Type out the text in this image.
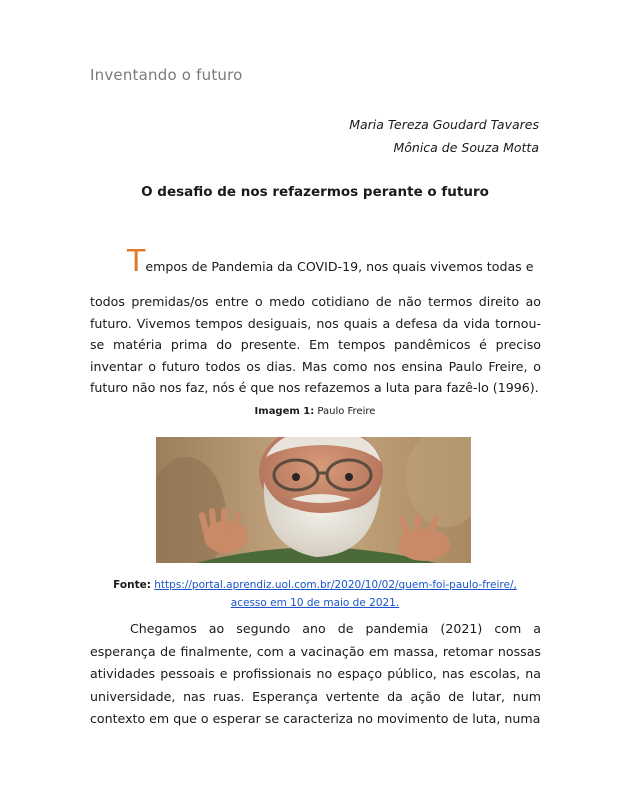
Inventando o futuro
Maria Tereza Goudard Tavares
Mônica de Souza Motta
O desafio de nos refazermos perante o futuro
Tempos de Pandemia da COVID-19, nos quais vivemos todas e
todos premidas/os entre o medo cotidiano de não termos direito ao futuro. Vivemos tempos desiguais, nos quais a defesa da vida tornou-se matéria prima do presente. Em tempos pandêmicos é preciso inventar o futuro todos os dias. Mas como nos ensina Paulo Freire, o futuro não nos faz, nós é que nos refazemos a luta para fazê-lo (1996).
Imagem 1: Paulo Freire
Fonte: https://portal.aprendiz.uol.com.br/2020/10/02/quem-foi-paulo-freire/,
acesso em 10 de maio de 2021.
Chegamos ao segundo ano de pandemia (2021) com a esperança de finalmente, com a vacinação em massa, retomar nossas atividades pessoais e profissionais no espaço público, nas escolas, na universidade, nas ruas. Esperança vertente da ação de lutar, num contexto em que o esperar se caracteriza no movimento de luta, numa
